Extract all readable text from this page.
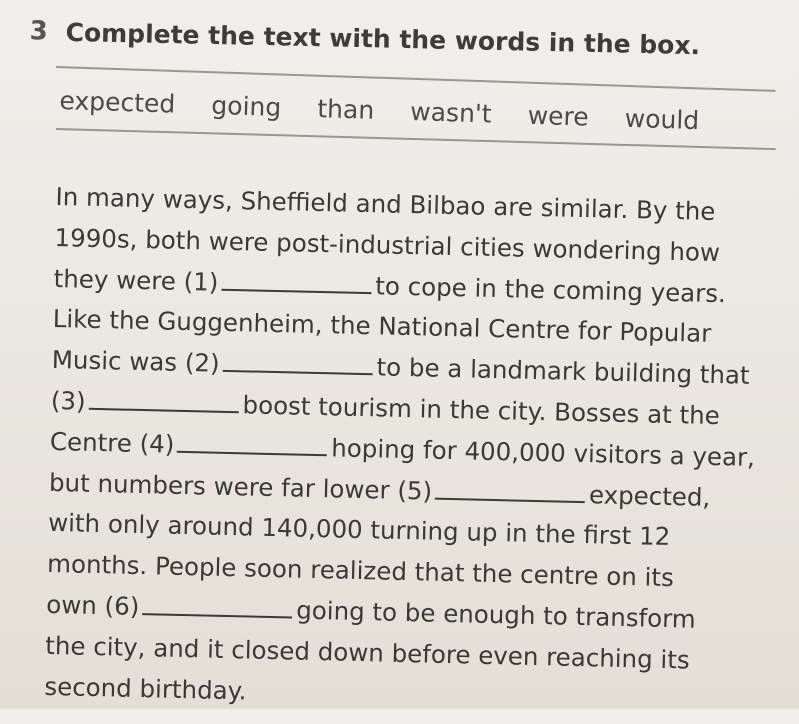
3 Complete the text with the words in the box.
expected going than wasn't were would
In many ways, Sheffield and Bilbao are similar. By the
1990s, both were post-industrial cities wondering how
they were (1)	to cope in the coming years.
Like the Guggenheim, the National Centre for Popular
Music was (2)	to be a landmark building that
(3)	boost tourism in the city. Bosses at the
Centre (4)	hoping for 400,000 visitors a year,
but numbers were far lower (5)	expected,
with only around 140,000 turning up in the first 12
months. People soon realized that the centre on its
own (6)	going to be enough to transform
the city, and it closed down before even reaching its
second birthday.
